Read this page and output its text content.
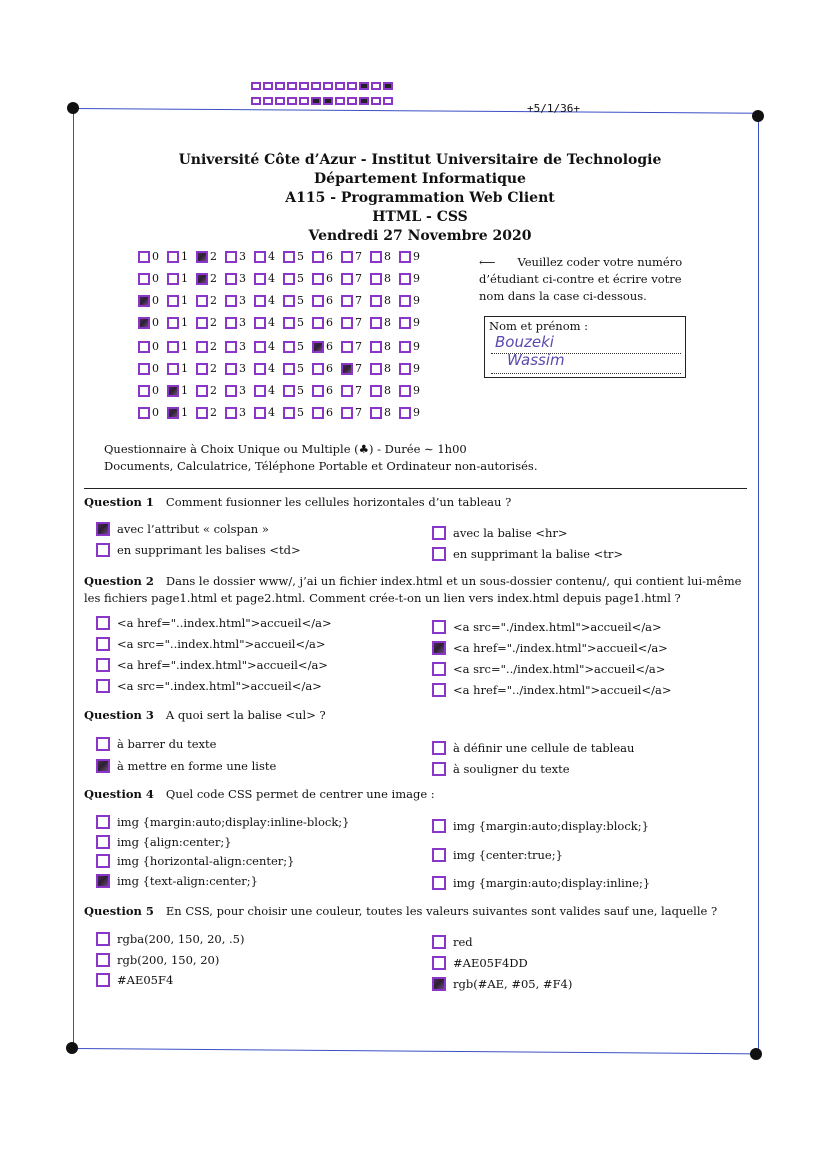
+5/1/36+
Université Côte d’Azur - Institut Universitaire de Technologie
Département Informatique
A115 - Programmation Web Client
HTML - CSS
Vendredi 27 Novembre 2020
0 1 2 3 4 5 6 7 8 9
0 1 2 3 4 5 6 7 8 9
0 1 2 3 4 5 6 7 8 9
0 1 2 3 4 5 6 7 8 9
0 1 2 3 4 5 6 7 8 9
0 1 2 3 4 5 6 7 8 9
0 1 2 3 4 5 6 7 8 9
0 1 2 3 4 5 6 7 8 9
⟵ Veuillez coder votre numéro d’étudiant ci-contre et écrire votre nom dans la case ci-dessous.
Nom et prénom :
Bouzeki
Wassim
Questionnaire à Choix Unique ou Multiple (♣) - Durée ∼ 1h00
Documents, Calculatrice, Téléphone Portable et Ordinateur non-autorisés.
Question 1 Comment fusionner les cellules horizontales d’un tableau ?
avec l’attribut « colspan »
en supprimant les balises <td>
avec la balise <hr>
en supprimant la balise <tr>
Question 2 Dans le dossier www/, j’ai un fichier index.html et un sous-dossier contenu/, qui contient lui-même les fichiers page1.html et page2.html. Comment crée-t-on un lien vers index.html depuis page1.html ?
<a href="..index.html">accueil</a>
<a src="..index.html">accueil</a>
<a href=".index.html">accueil</a>
<a src=".index.html">accueil</a>
<a src="./index.html">accueil</a>
<a href="./index.html">accueil</a>
<a src="../index.html">accueil</a>
<a href="../index.html">accueil</a>
Question 3 A quoi sert la balise <ul> ?
à barrer du texte
à mettre en forme une liste
à définir une cellule de tableau
à souligner du texte
Question 4 Quel code CSS permet de centrer une image :
img {margin:auto;display:inline-block;}
img {align:center;}
img {horizontal-align:center;}
img {text-align:center;}
img {margin:auto;display:block;}
img {center:true;}
img {margin:auto;display:inline;}
Question 5 En CSS, pour choisir une couleur, toutes les valeurs suivantes sont valides sauf une, laquelle ?
rgba(200, 150, 20, .5)
rgb(200, 150, 20)
#AE05F4
red
#AE05F4DD
rgb(#AE, #05, #F4)
